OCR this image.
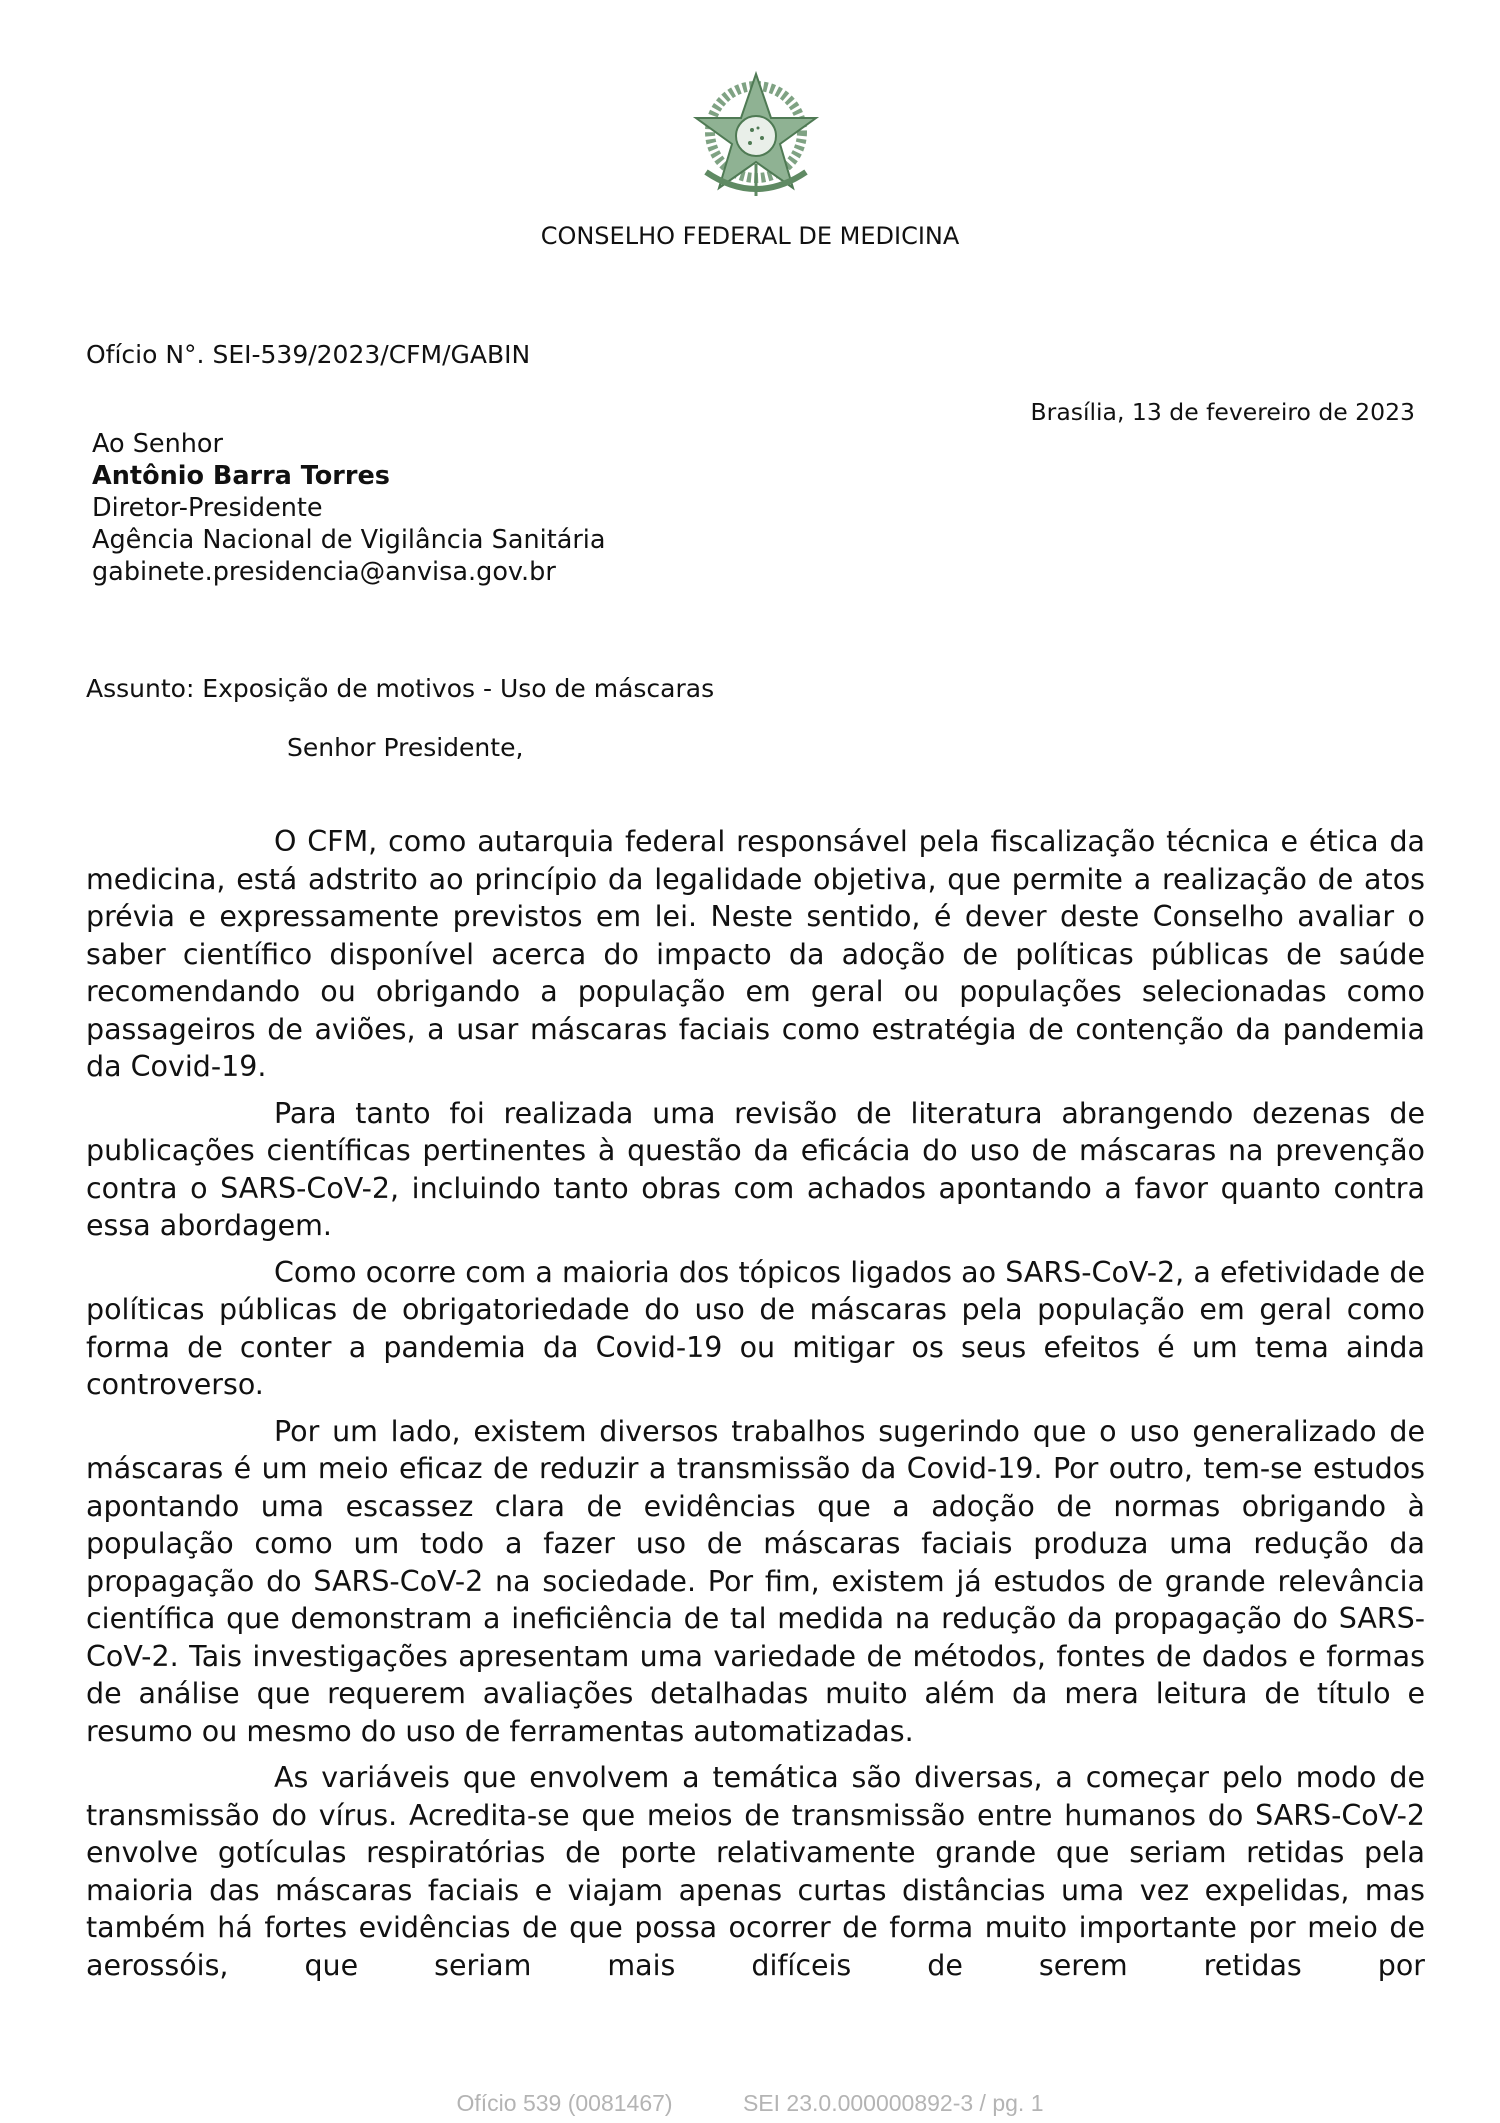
CONSELHO FEDERAL DE MEDICINA
Ofício N°. SEI-539/2023/CFM/GABIN
Brasília, 13 de fevereiro de 2023
Ao Senhor
Antônio Barra Torres
Diretor-Presidente
Agência Nacional de Vigilância Sanitária
gabinete.presidencia@anvisa.gov.br
Assunto: Exposição de motivos - Uso de máscaras
Senhor Presidente,

O CFM, como autarquia federal responsável pela fiscalização técnica e ética da medicina, está adstrito ao princípio da legalidade objetiva, que permite a realização de atos prévia e expressamente previstos em lei. Neste sentido, é dever deste Conselho avaliar o saber científico disponível acerca do impacto da adoção de políticas públicas de saúde recomendando ou obrigando a população em geral ou populações selecionadas como passageiros de aviões, a usar máscaras faciais como estratégia de contenção da pandemia da Covid-19.

Para tanto foi realizada uma revisão de literatura abrangendo dezenas de publicações científicas pertinentes à questão da eficácia do uso de máscaras na prevenção contra o SARS-CoV-2, incluindo tanto obras com achados apontando a favor quanto contra essa abordagem.

Como ocorre com a maioria dos tópicos ligados ao SARS-CoV-2, a efetividade de políticas públicas de obrigatoriedade do uso de máscaras pela população em geral como forma de conter a pandemia da Covid-19 ou mitigar os seus efeitos é um tema ainda controverso.

Por um lado, existem diversos trabalhos sugerindo que o uso generalizado de máscaras é um meio eficaz de reduzir a transmissão da Covid-19. Por outro, tem-se estudos apontando uma escassez clara de evidências que a adoção de normas obrigando à população como um todo a fazer uso de máscaras faciais produza uma redução da propagação do SARS-CoV-2 na sociedade. Por fim, existem já estudos de grande relevância científica que demonstram a ineficiência de tal medida na redução da propagação do SARS-CoV-2. Tais investigações apresentam uma variedade de métodos, fontes de dados e formas de análise que requerem avaliações detalhadas muito além da mera leitura de título e resumo ou mesmo do uso de ferramentas automatizadas.

As variáveis que envolvem a temática são diversas, a começar pelo modo de transmissão do vírus. Acredita-se que meios de transmissão entre humanos do SARS-CoV-2 envolve gotículas respiratórias de porte relativamente grande que seriam retidas pela maioria das máscaras faciais e viajam apenas curtas distâncias uma vez expelidas, mas também há fortes evidências de que possa ocorrer de forma muito importante por meio de aerossóis, que seriam mais difíceis de serem retidas por

Ofício 539 (0081467)	SEI 23.0.000000892-3 / pg. 1
